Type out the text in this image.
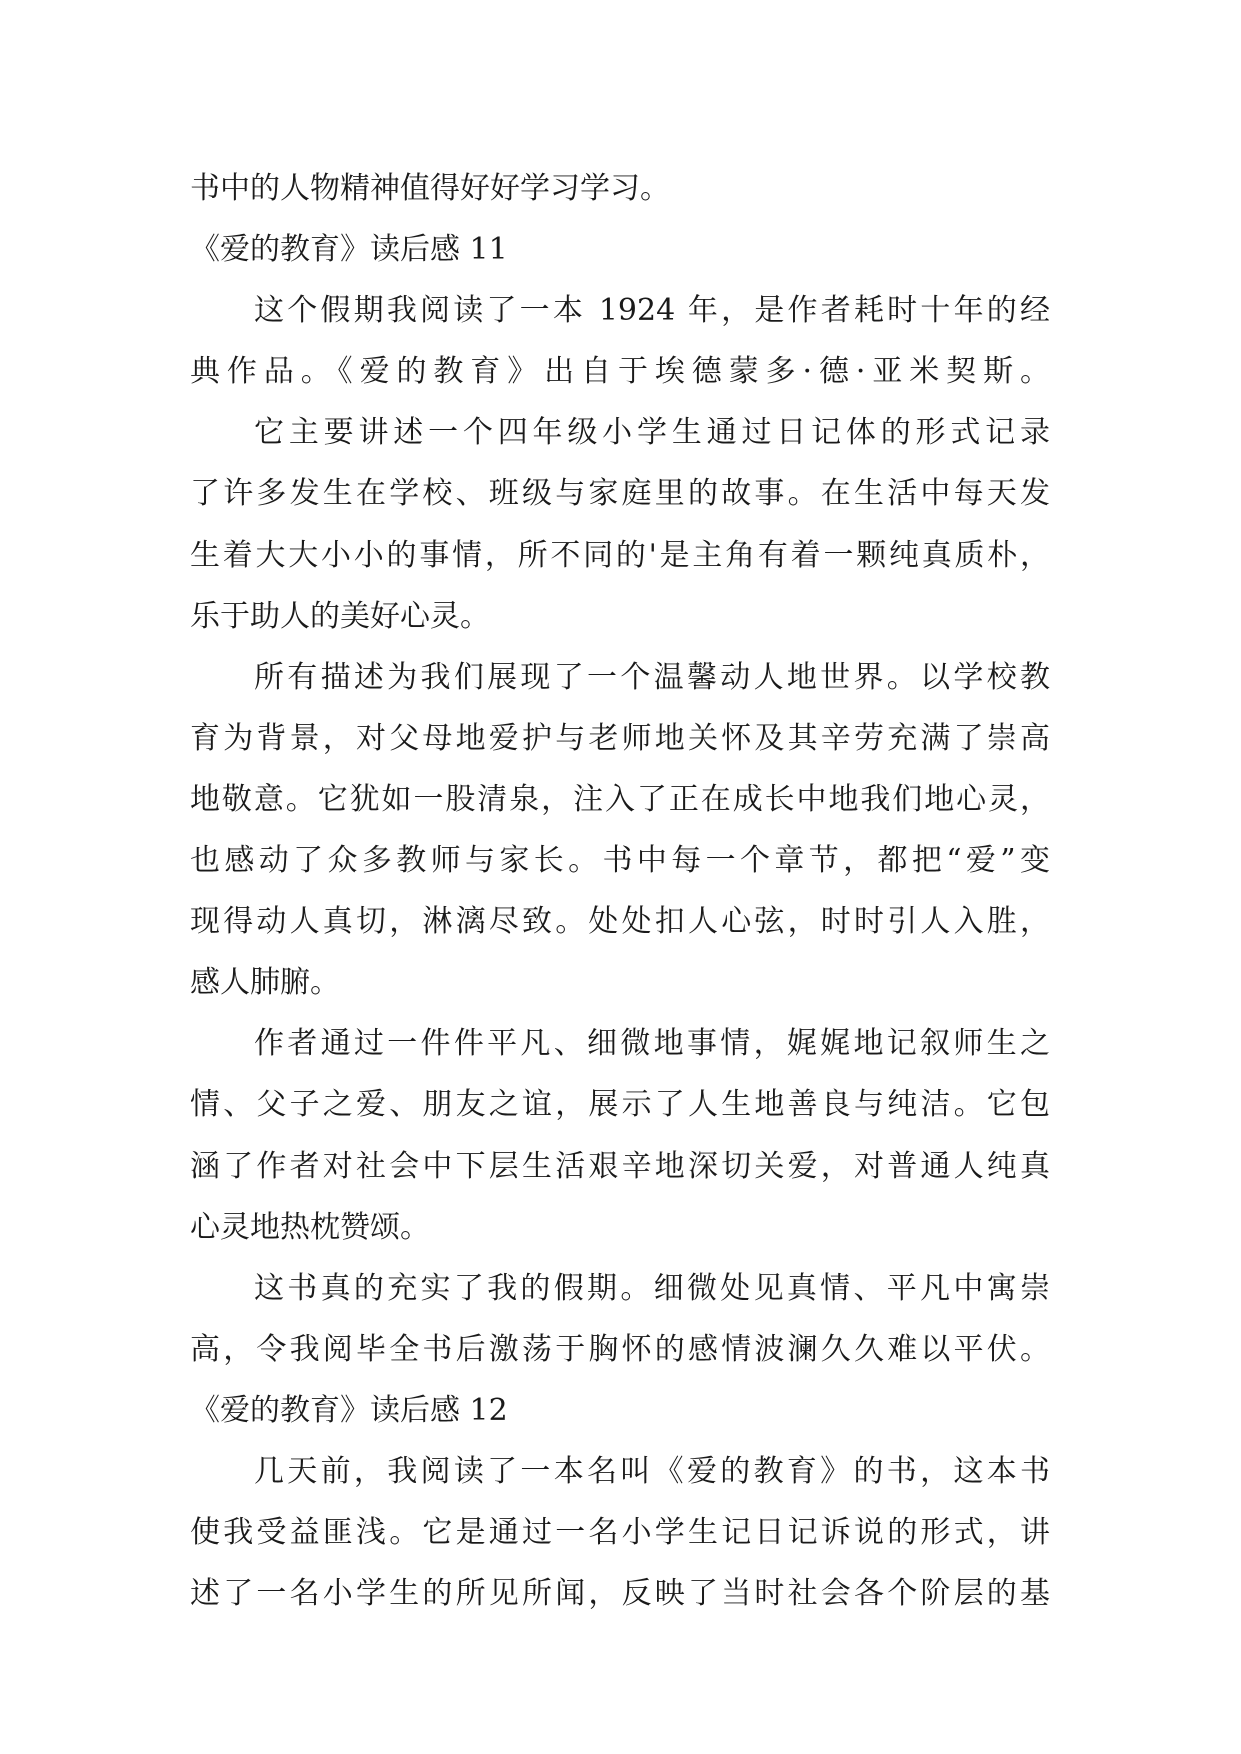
书中的人物精神值得好好学习学习。
《爱的教育》读后感 11
这个假期我阅读了一本 1924 年，是作者耗时十年的经
典作品。《爱的教育》出自于埃德蒙多·德·亚米契斯。
它主要讲述一个四年级小学生通过日记体的形式记录
了许多发生在学校、班级与家庭里的故事。在生活中每天发
生着大大小小的事情，所不同的'是主角有着一颗纯真质朴，
乐于助人的美好心灵。
所有描述为我们展现了一个温馨动人地世界。以学校教
育为背景，对父母地爱护与老师地关怀及其辛劳充满了崇高
地敬意。它犹如一股清泉，注入了正在成长中地我们地心灵，
也感动了众多教师与家长。书中每一个章节，都把“爱”变
现得动人真切，淋漓尽致。处处扣人心弦，时时引人入胜，
感人肺腑。
作者通过一件件平凡、细微地事情，娓娓地记叙师生之
情、父子之爱、朋友之谊，展示了人生地善良与纯洁。它包
涵了作者对社会中下层生活艰辛地深切关爱，对普通人纯真
心灵地热枕赞颂。
这书真的充实了我的假期。细微处见真情、平凡中寓崇
高，令我阅毕全书后激荡于胸怀的感情波澜久久难以平伏。
《爱的教育》读后感 12
几天前，我阅读了一本名叫《爱的教育》的书，这本书
使我受益匪浅。它是通过一名小学生记日记诉说的形式，讲
述了一名小学生的所见所闻，反映了当时社会各个阶层的基
